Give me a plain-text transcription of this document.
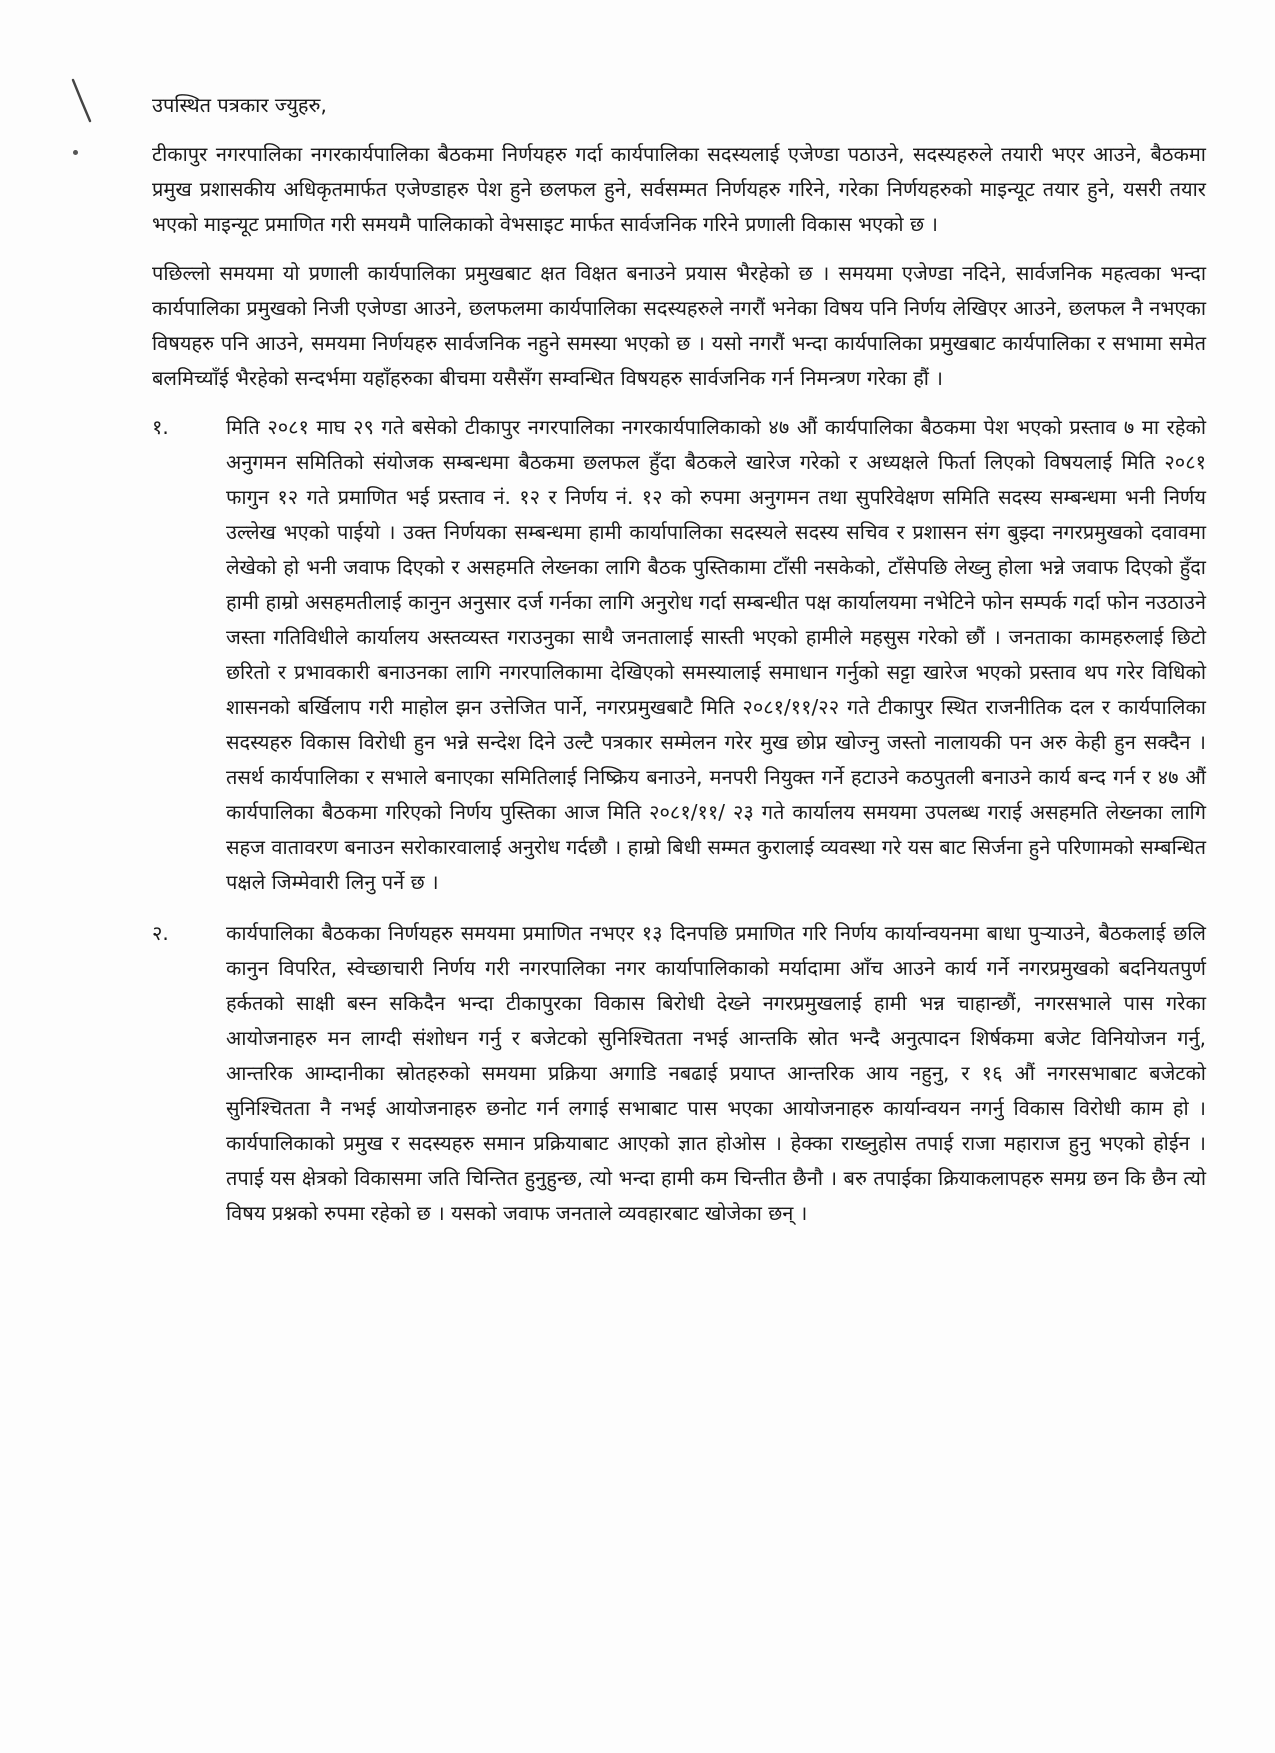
उपस्थित पत्रकार ज्युहरु,

टीकापुर नगरपालिका नगरकार्यपालिका बैठकमा निर्णयहरु गर्दा कार्यपालिका सदस्यलाई एजेण्डा पठाउने, सदस्यहरुले तयारी भएर आउने, बैठकमा प्रमुख प्रशासकीय अधिकृतमार्फत एजेण्डाहरु पेश हुने छलफल हुने, सर्वसम्मत निर्णयहरु गरिने, गरेका निर्णयहरुको माइन्यूट तयार हुने, यसरी तयार भएको माइन्यूट प्रमाणित गरी समयमै पालिकाको वेभसाइट मार्फत सार्वजनिक गरिने प्रणाली विकास भएको छ ।

पछिल्लो समयमा यो प्रणाली कार्यपालिका प्रमुखबाट क्षत विक्षत बनाउने प्रयास भैरहेको छ । समयमा एजेण्डा नदिने, सार्वजनिक महत्वका भन्दा कार्यपालिका प्रमुखको निजी एजेण्डा आउने, छलफलमा कार्यपालिका सदस्यहरुले नगरौं भनेका विषय पनि निर्णय लेखिएर आउने, छलफल नै नभएका विषयहरु पनि आउने, समयमा निर्णयहरु सार्वजनिक नहुने समस्या भएको छ । यसो नगरौं भन्दा कार्यपालिका प्रमुखबाट कार्यपालिका र सभामा समेत बलमिच्याँई भैरहेको सन्दर्भमा यहाँहरुका बीचमा यसैसँग सम्वन्धित विषयहरु सार्वजनिक गर्न निमन्त्रण गरेका हौं ।

१.	मिति २०८१ माघ २९ गते बसेको टीकापुर नगरपालिका नगरकार्यपालिकाको ४७ औं कार्यपालिका बैठकमा पेश भएको प्रस्ताव ७ मा रहेको अनुगमन समितिको संयोजक सम्बन्धमा बैठकमा छलफल हुँदा बैठकले खारेज गरेको र अध्यक्षले फिर्ता लिएको विषयलाई मिति २०८१ फागुन १२ गते प्रमाणित भई प्रस्ताव नं. १२ र निर्णय नं. १२ को रुपमा अनुगमन तथा सुपरिवेक्षण समिति सदस्य सम्बन्धमा भनी निर्णय उल्लेख भएको पाईयो । उक्त निर्णयका सम्बन्धमा हामी कार्यापालिका सदस्यले सदस्य सचिव र प्रशासन संग बुझ्दा नगरप्रमुखको दवावमा लेखेको हो भनी जवाफ दिएको र असहमति लेख्नका लागि बैठक पुस्तिकामा टाँसी नसकेको, टाँसेपछि लेख्नु होला भन्ने जवाफ दिएको हुँदा हामी हाम्रो असहमतीलाई कानुन अनुसार दर्ज गर्नका लागि अनुरोध गर्दा सम्बन्धीत पक्ष कार्यालयमा नभेटिने फोन सम्पर्क गर्दा फोन नउठाउने जस्ता गतिविधीले कार्यालय अस्तव्यस्त गराउनुका साथै जनतालाई सास्ती भएको हामीले महसुस गरेको छौं । जनताका कामहरुलाई छिटो छरितो र प्रभावकारी बनाउनका लागि नगरपालिकामा देखिएको समस्यालाई समाधान गर्नुको सट्टा खारेज भएको प्रस्ताव थप गरेर विधिको शासनको बर्खिलाप गरी माहोल झन उत्तेजित पार्ने, नगरप्रमुखबाटै मिति २०८१/११/२२ गते टीकापुर स्थित राजनीतिक दल र कार्यपालिका सदस्यहरु विकास विरोधी हुन भन्ने सन्देश दिने उल्टै पत्रकार सम्मेलन गरेर मुख छोप्न खोज्नु जस्तो नालायकी पन अरु केही हुन सक्दैन । तसर्थ कार्यपालिका र सभाले बनाएका समितिलाई निष्क्रिय बनाउने, मनपरी नियुक्त गर्ने हटाउने कठपुतली बनाउने कार्य बन्द गर्न र ४७ औं कार्यपालिका बैठकमा गरिएको निर्णय पुस्तिका आज मिति २०८१/११/ २३ गते कार्यालय समयमा उपलब्ध गराई असहमति लेख्नका लागि सहज वातावरण बनाउन सरोकारवालाई अनुरोध गर्दछौ । हाम्रो बिधी सम्मत कुरालाई व्यवस्था गरे यस बाट सिर्जना हुने परिणामको सम्बन्धित पक्षले जिम्मेवारी लिनु पर्ने छ ।
२.	कार्यपालिका बैठकका निर्णयहरु समयमा प्रमाणित नभएर १३ दिनपछि प्रमाणित गरि निर्णय कार्यान्वयनमा बाधा पुर्‍याउने, बैठकलाई छलि कानुन विपरित, स्वेच्छाचारी निर्णय गरी नगरपालिका नगर कार्यापालिकाको मर्यादामा आँच आउने कार्य गर्ने नगरप्रमुखको बदनियतपुर्ण हर्कतको साक्षी बस्न सकिदैन भन्दा टीकापुरका विकास बिरोधी देख्ने नगरप्रमुखलाई हामी भन्न चाहान्छौं, नगरसभाले पास गरेका आयोजनाहरु मन लाग्दी संशोधन गर्नु र बजेटको सुनिश्चितता नभई आन्तकि स्रोत भन्दै अनुत्पादन शिर्षकमा बजेट विनियोजन गर्नु, आन्तरिक आम्दानीका स्रोतहरुको समयमा प्रक्रिया अगाडि नबढाई प्रयाप्त आन्तरिक आय नहुनु, र १६ औं नगरसभाबाट बजेटको सुनिश्चितता नै नभई आयोजनाहरु छनोट गर्न लगाई सभाबाट पास भएका आयोजनाहरु कार्यान्वयन नगर्नु विकास विरोधी काम हो । कार्यपालिकाको प्रमुख र सदस्यहरु समान प्रक्रियाबाट आएको ज्ञात होओस । हेक्का राख्नुहोस तपाई राजा महाराज हुनु भएको होईन । तपाई यस क्षेत्रको विकासमा जति चिन्तित हुनुहुन्छ, त्यो भन्दा हामी कम चिन्तीत छैनौ । बरु तपाईका क्रियाकलापहरु समग्र छन कि छैन त्यो विषय प्रश्नको रुपमा रहेको छ । यसको जवाफ जनताले व्यवहारबाट खोजेका छन् ।
